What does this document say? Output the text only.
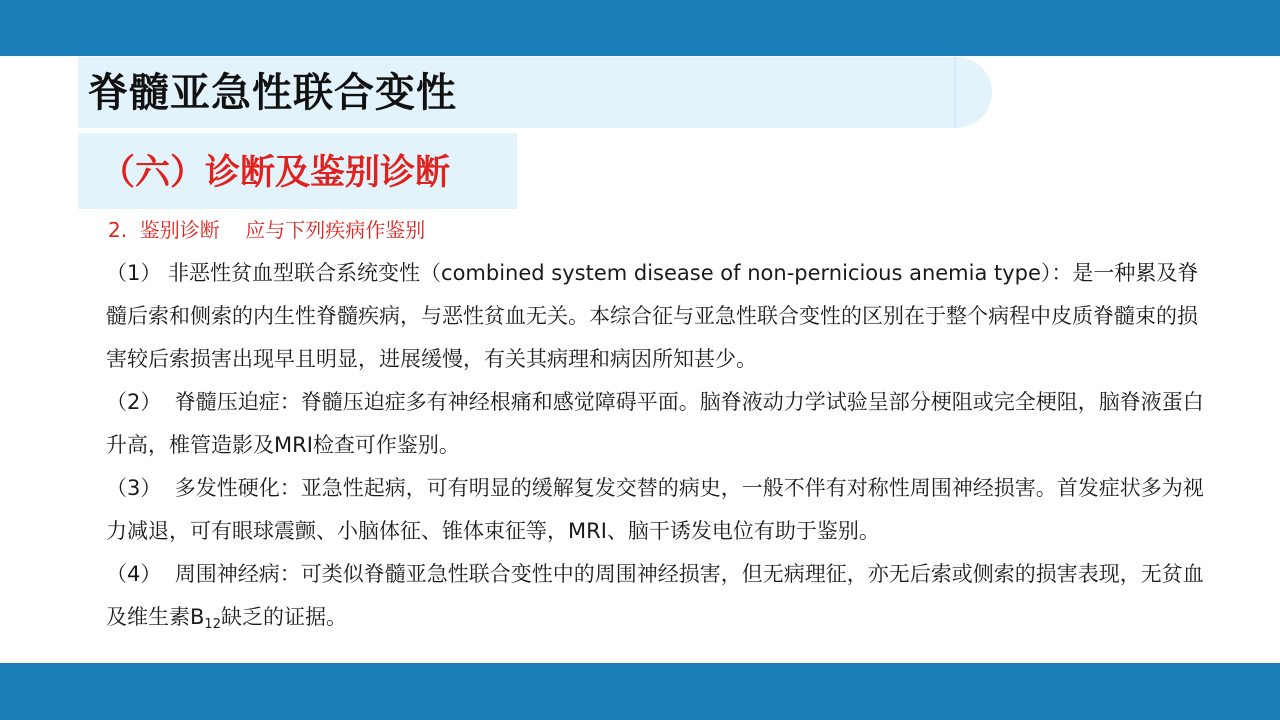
脊髓亚急性联合变性
（六）诊断及鉴别诊断
2.  鉴别诊断    应与下列疾病作鉴别

（1） 非恶性贫血型联合系统变性（combined system disease of non-pernicious anemia type）：是一种累及脊髓后索和侧索的内生性脊髓疾病，与恶性贫血无关。本综合征与亚急性联合变性的区别在于整个病程中皮质脊髓束的损害较后索损害出现早且明显，进展缓慢，有关其病理和病因所知甚少。

（2）  脊髓压迫症：脊髓压迫症多有神经根痛和感觉障碍平面。脑脊液动力学试验呈部分梗阻或完全梗阻，脑脊液蛋白升高，椎管造影及MRI检查可作鉴别。

（3）  多发性硬化：亚急性起病，可有明显的缓解复发交替的病史，一般不伴有对称性周围神经损害。首发症状多为视力减退，可有眼球震颤、小脑体征、锥体束征等，MRI、脑干诱发电位有助于鉴别。

（4）  周围神经病：可类似脊髓亚急性联合变性中的周围神经损害，但无病理征，亦无后索或侧索的损害表现，无贫血及维生素$B_{12}$缺乏的证据。
